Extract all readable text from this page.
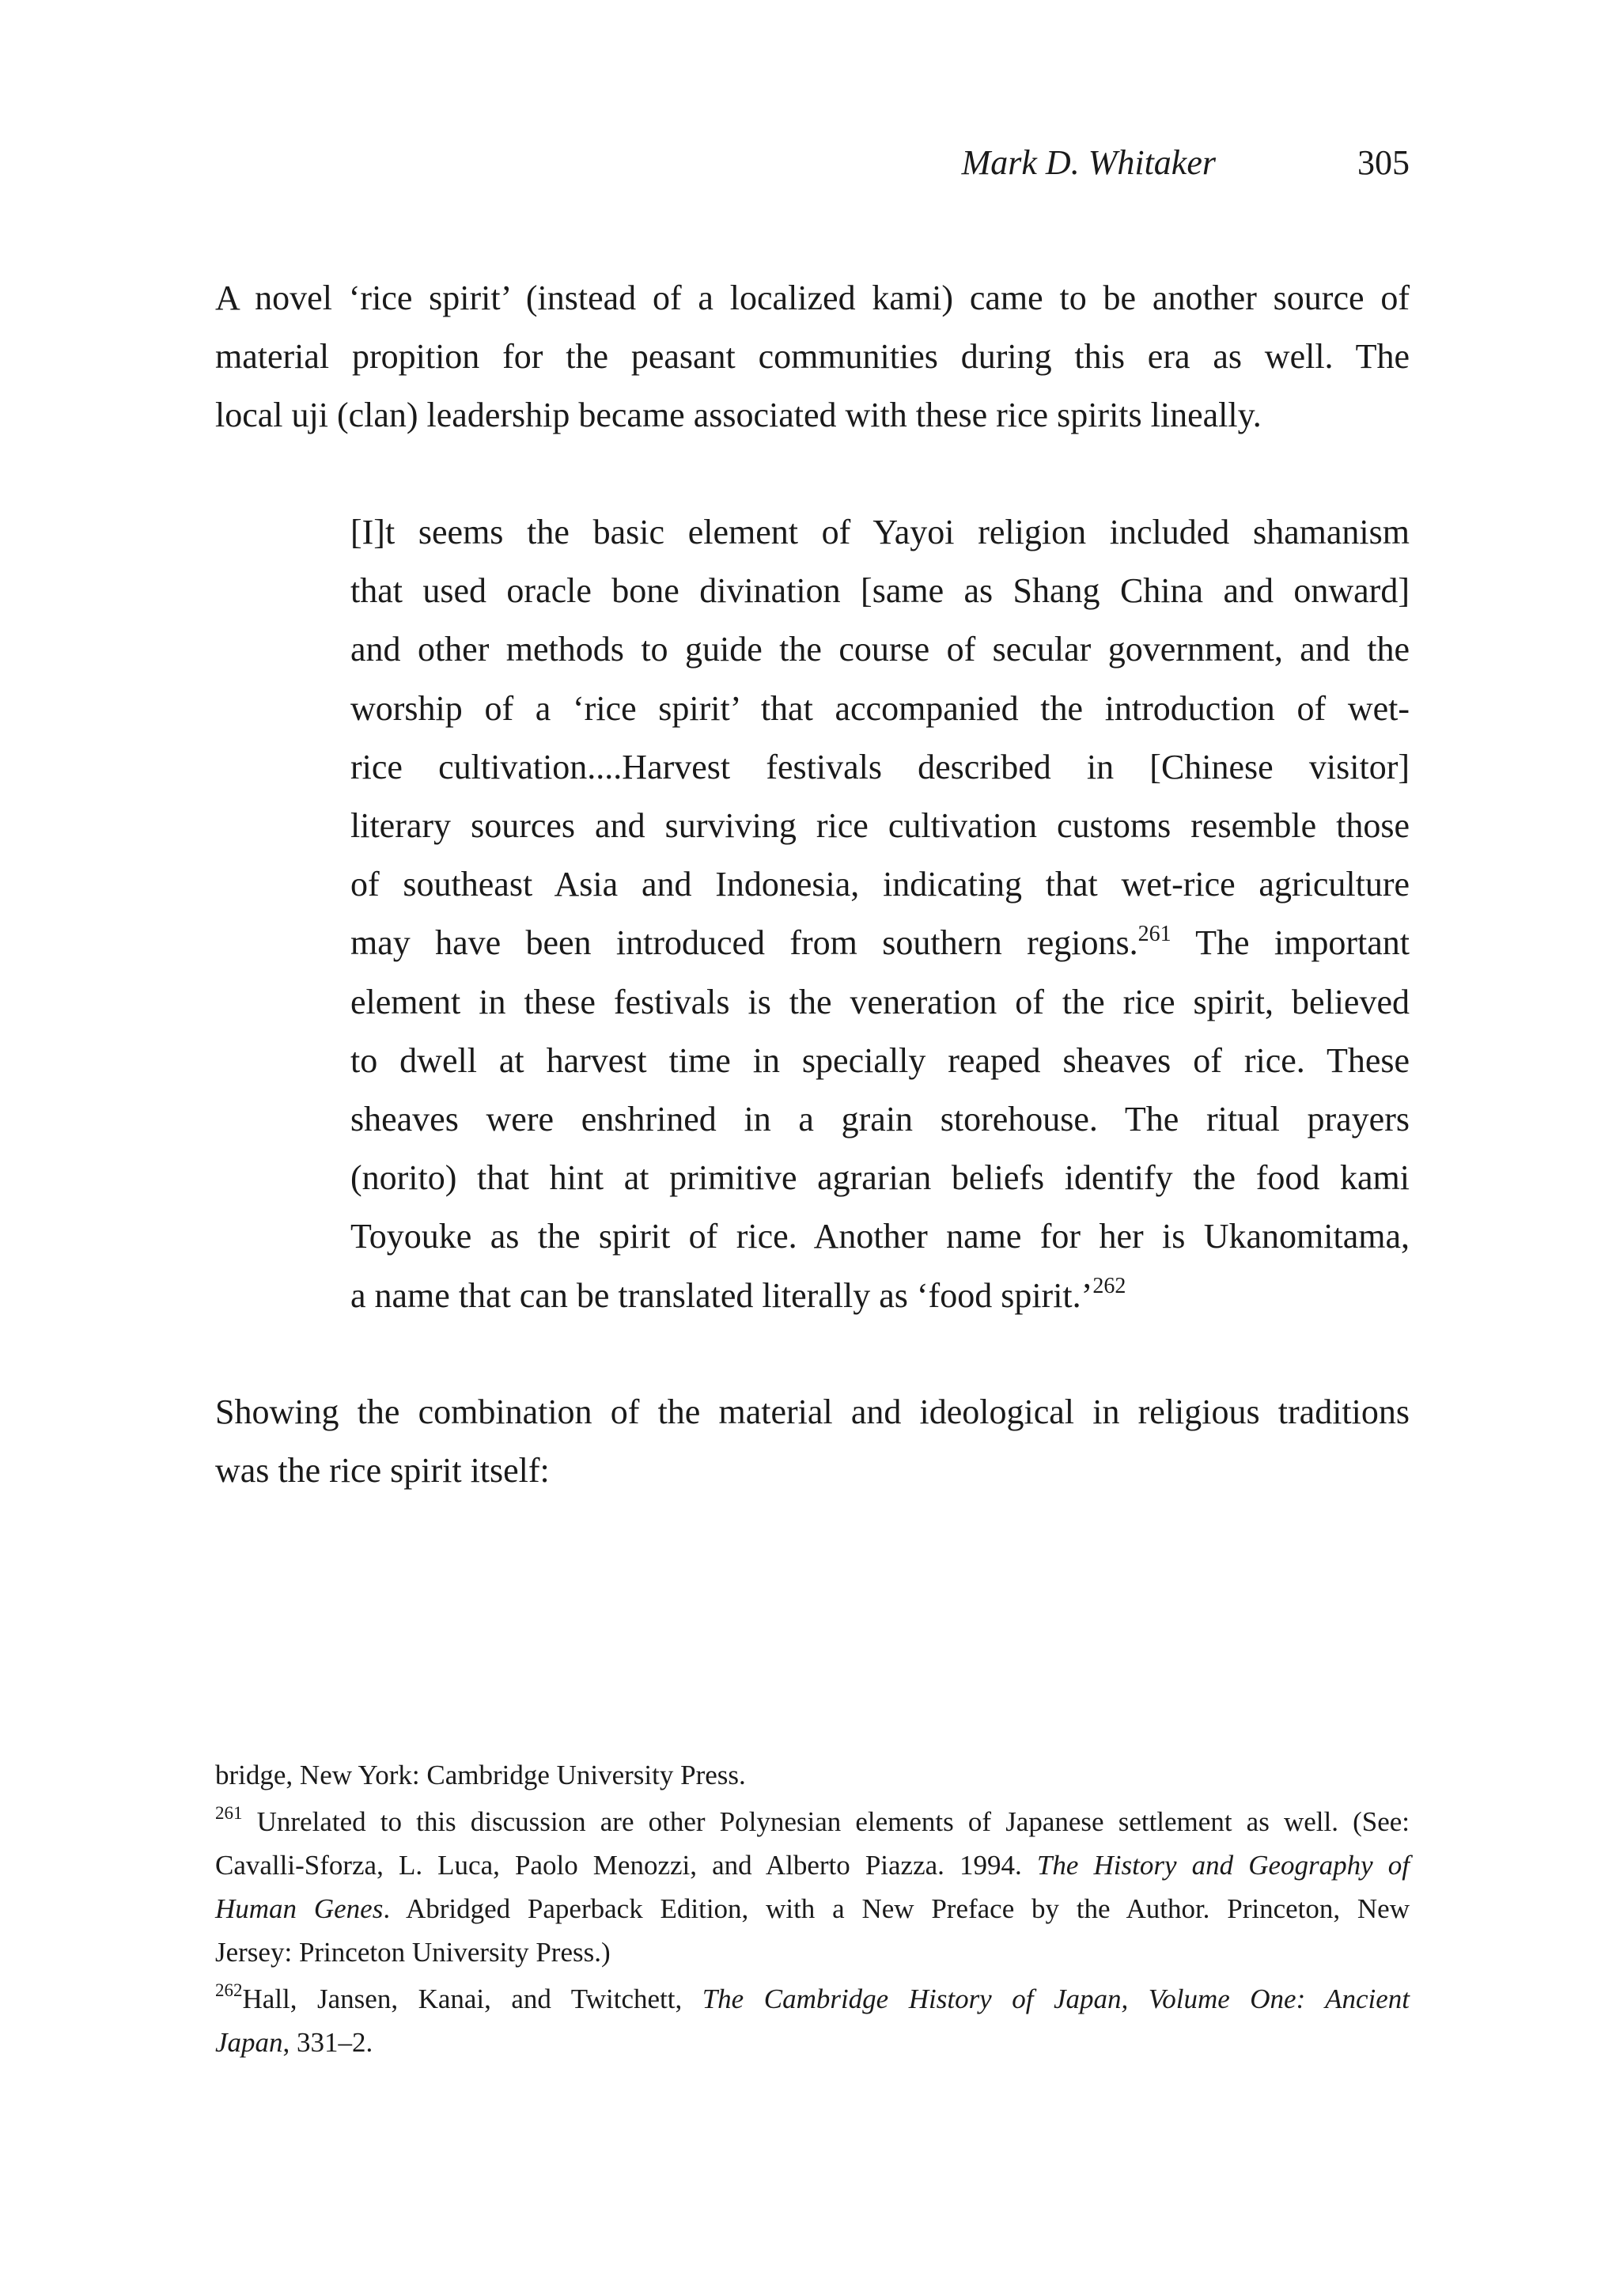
Mark D. Whitaker	305

A novel ‘rice spirit’ (instead of a localized kami) came to be another source of
material propition for the peasant communities during this era as well. The
local uji (clan) leadership became associated with these rice spirits lineally.

[I]t seems the basic element of Yayoi religion included shamanism
that used oracle bone divination [same as Shang China and onward]
and other methods to guide the course of secular government, and the
worship of a ‘rice spirit’ that accompanied the introduction of wet-
rice cultivation....Harvest festivals described in [Chinese visitor]
literary sources and surviving rice cultivation customs resemble those
of southeast Asia and Indonesia, indicating that wet-rice agriculture
may have been introduced from southern regions.$^{261}$ The important
element in these festivals is the veneration of the rice spirit, believed
to dwell at harvest time in specially reaped sheaves of rice. These
sheaves were enshrined in a grain storehouse. The ritual prayers
(norito) that hint at primitive agrarian beliefs identify the food kami
Toyouke as the spirit of rice. Another name for her is Ukanomitama,
a name that can be translated literally as ‘food spirit.’$^{262}$

Showing the combination of the material and ideological in religious traditions
was the rice spirit itself:

bridge, New York: Cambridge University Press.
$^{261}$ Unrelated to this discussion are other Polynesian elements of Japanese settlement as well. (See:
Cavalli-Sforza, L. Luca, Paolo Menozzi, and Alberto Piazza. 1994. The History and Geography of
Human Genes. Abridged Paperback Edition, with a New Preface by the Author. Princeton, New
Jersey: Princeton University Press.)
$^{262}$Hall, Jansen, Kanai, and Twitchett, The Cambridge History of Japan, Volume One: Ancient
Japan, 331–2.
